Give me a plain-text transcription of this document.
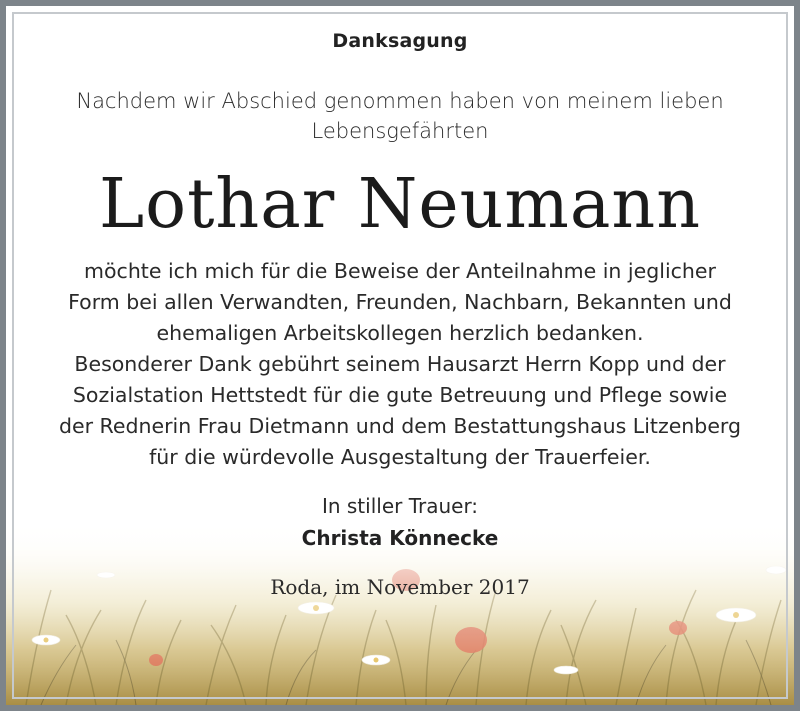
Danksagung
Nachdem wir Abschied genommen haben von meinem lieben
Lebensgefährten
Lothar Neumann
möchte ich mich für die Beweise der Anteilnahme in jeglicher
Form bei allen Verwandten, Freunden, Nachbarn, Bekannten und
ehemaligen Arbeitskollegen herzlich bedanken.
Besonderer Dank gebührt seinem Hausarzt Herrn Kopp und der
Sozialstation Hettstedt für die gute Betreuung und Pflege sowie
der Rednerin Frau Dietmann und dem Bestattungshaus Litzenberg
für die würdevolle Ausgestaltung der Trauerfeier.
In stiller Trauer:
Christa Könnecke
Roda, im November 2017
